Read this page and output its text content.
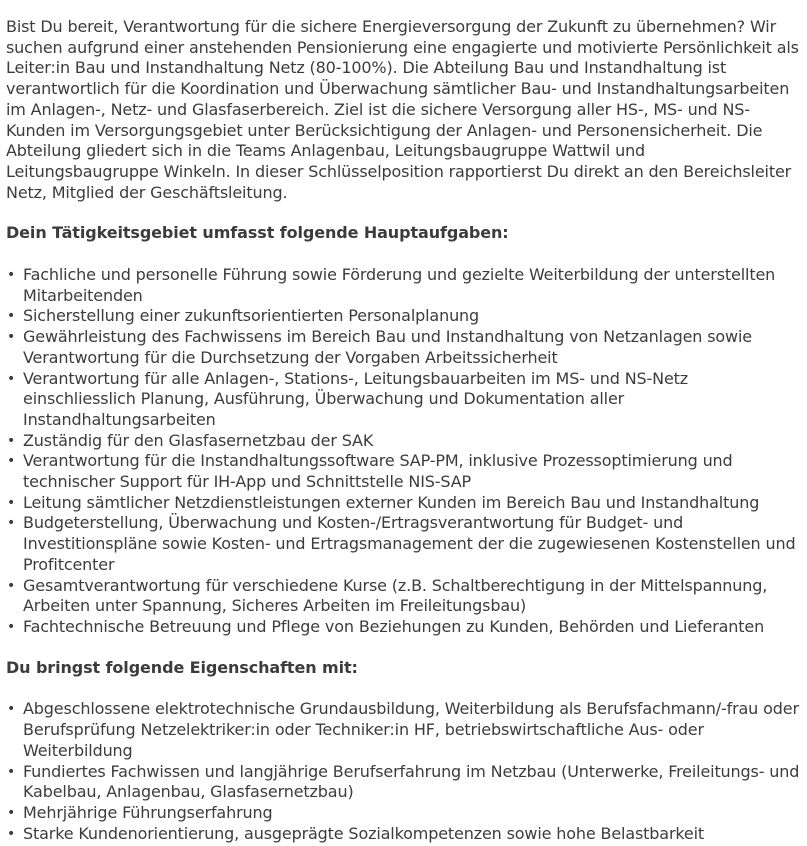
Bist Du bereit, Verantwortung für die sichere Energieversorgung der Zukunft zu übernehmen? Wir suchen aufgrund einer anstehenden Pensionierung eine engagierte und motivierte Persönlichkeit als Leiter:in Bau und Instandhaltung Netz (80-100%). Die Abteilung Bau und Instandhaltung ist verantwortlich für die Koordination und Überwachung sämtlicher Bau- und Instandhaltungsarbeiten im Anlagen-, Netz- und Glasfaserbereich. Ziel ist die sichere Versorgung aller HS-, MS- und NS-Kunden im Versorgungsgebiet unter Berücksichtigung der Anlagen- und Personensicherheit. Die Abteilung gliedert sich in die Teams Anlagenbau, Leitungsbaugruppe Wattwil und Leitungsbaugruppe Winkeln. In dieser Schlüsselposition rapportierst Du direkt an den Bereichsleiter Netz, Mitglied der Geschäftsleitung.

Dein Tätigkeitsgebiet umfasst folgende Hauptaufgaben:
• Fachliche und personelle Führung sowie Förderung und gezielte Weiterbildung der unterstellten Mitarbeitenden
• Sicherstellung einer zukunftsorientierten Personalplanung
• Gewährleistung des Fachwissens im Bereich Bau und Instandhaltung von Netzanlagen sowie Verantwortung für die Durchsetzung der Vorgaben Arbeitssicherheit
• Verantwortung für alle Anlagen-, Stations-, Leitungsbauarbeiten im MS- und NS-Netz einschliesslich Planung, Ausführung, Überwachung und Dokumentation aller Instandhaltungsarbeiten
• Zuständig für den Glasfasernetzbau der SAK
• Verantwortung für die Instandhaltungssoftware SAP-PM, inklusive Prozessoptimierung und technischer Support für IH-App und Schnittstelle NIS-SAP
• Leitung sämtlicher Netzdienstleistungen externer Kunden im Bereich Bau und Instandhaltung
• Budgeterstellung, Überwachung und Kosten-/Ertragsverantwortung für Budget- und Investitionspläne sowie Kosten- und Ertragsmanagement der die zugewiesenen Kostenstellen und Profitcenter
• Gesamtverantwortung für verschiedene Kurse (z.B. Schaltberechtigung in der Mittelspannung, Arbeiten unter Spannung, Sicheres Arbeiten im Freileitungsbau)
• Fachtechnische Betreuung und Pflege von Beziehungen zu Kunden, Behörden und Lieferanten
Du bringst folgende Eigenschaften mit:
• Abgeschlossene elektrotechnische Grundausbildung, Weiterbildung als Berufsfachmann/-frau oder Berufsprüfung Netzelektriker:in oder Techniker:in HF, betriebswirtschaftliche Aus- oder Weiterbildung
• Fundiertes Fachwissen und langjährige Berufserfahrung im Netzbau (Unterwerke, Freileitungs- und Kabelbau, Anlagenbau, Glasfasernetzbau)
• Mehrjährige Führungserfahrung
• Starke Kundenorientierung, ausgeprägte Sozialkompetenzen sowie hohe Belastbarkeit
